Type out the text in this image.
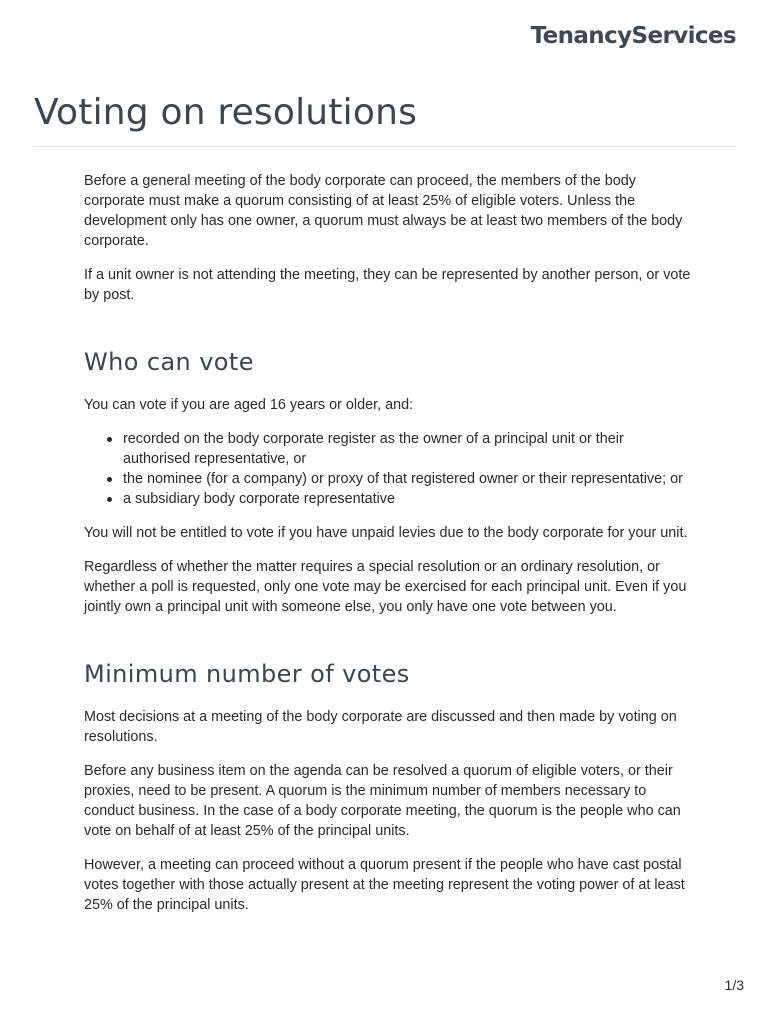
TenancyServices
Voting on resolutions

Before a general meeting of the body corporate can proceed, the members of the body corporate must make a quorum consisting of at least 25% of eligible voters. Unless the development only has one owner, a quorum must always be at least two members of the body corporate.

If a unit owner is not attending the meeting, they can be represented by another person, or vote by post.

Who can vote

You can vote if you are aged 16 years or older, and:

recorded on the body corporate register as the owner of a principal unit or their authorised representative, or
the nominee (for a company) or proxy of that registered owner or their representative; or
a subsidiary body corporate representative

You will not be entitled to vote if you have unpaid levies due to the body corporate for your unit.

Regardless of whether the matter requires a special resolution or an ordinary resolution, or whether a poll is requested, only one vote may be exercised for each principal unit. Even if you jointly own a principal unit with someone else, you only have one vote between you.

Minimum number of votes

Most decisions at a meeting of the body corporate are discussed and then made by voting on resolutions.

Before any business item on the agenda can be resolved a quorum of eligible voters, or their proxies, need to be present. A quorum is the minimum number of members necessary to conduct business. In the case of a body corporate meeting, the quorum is the people who can vote on behalf of at least 25% of the principal units.

However, a meeting can proceed without a quorum present if the people who have cast postal votes together with those actually present at the meeting represent the voting power of at least 25% of the principal units.

1/3
